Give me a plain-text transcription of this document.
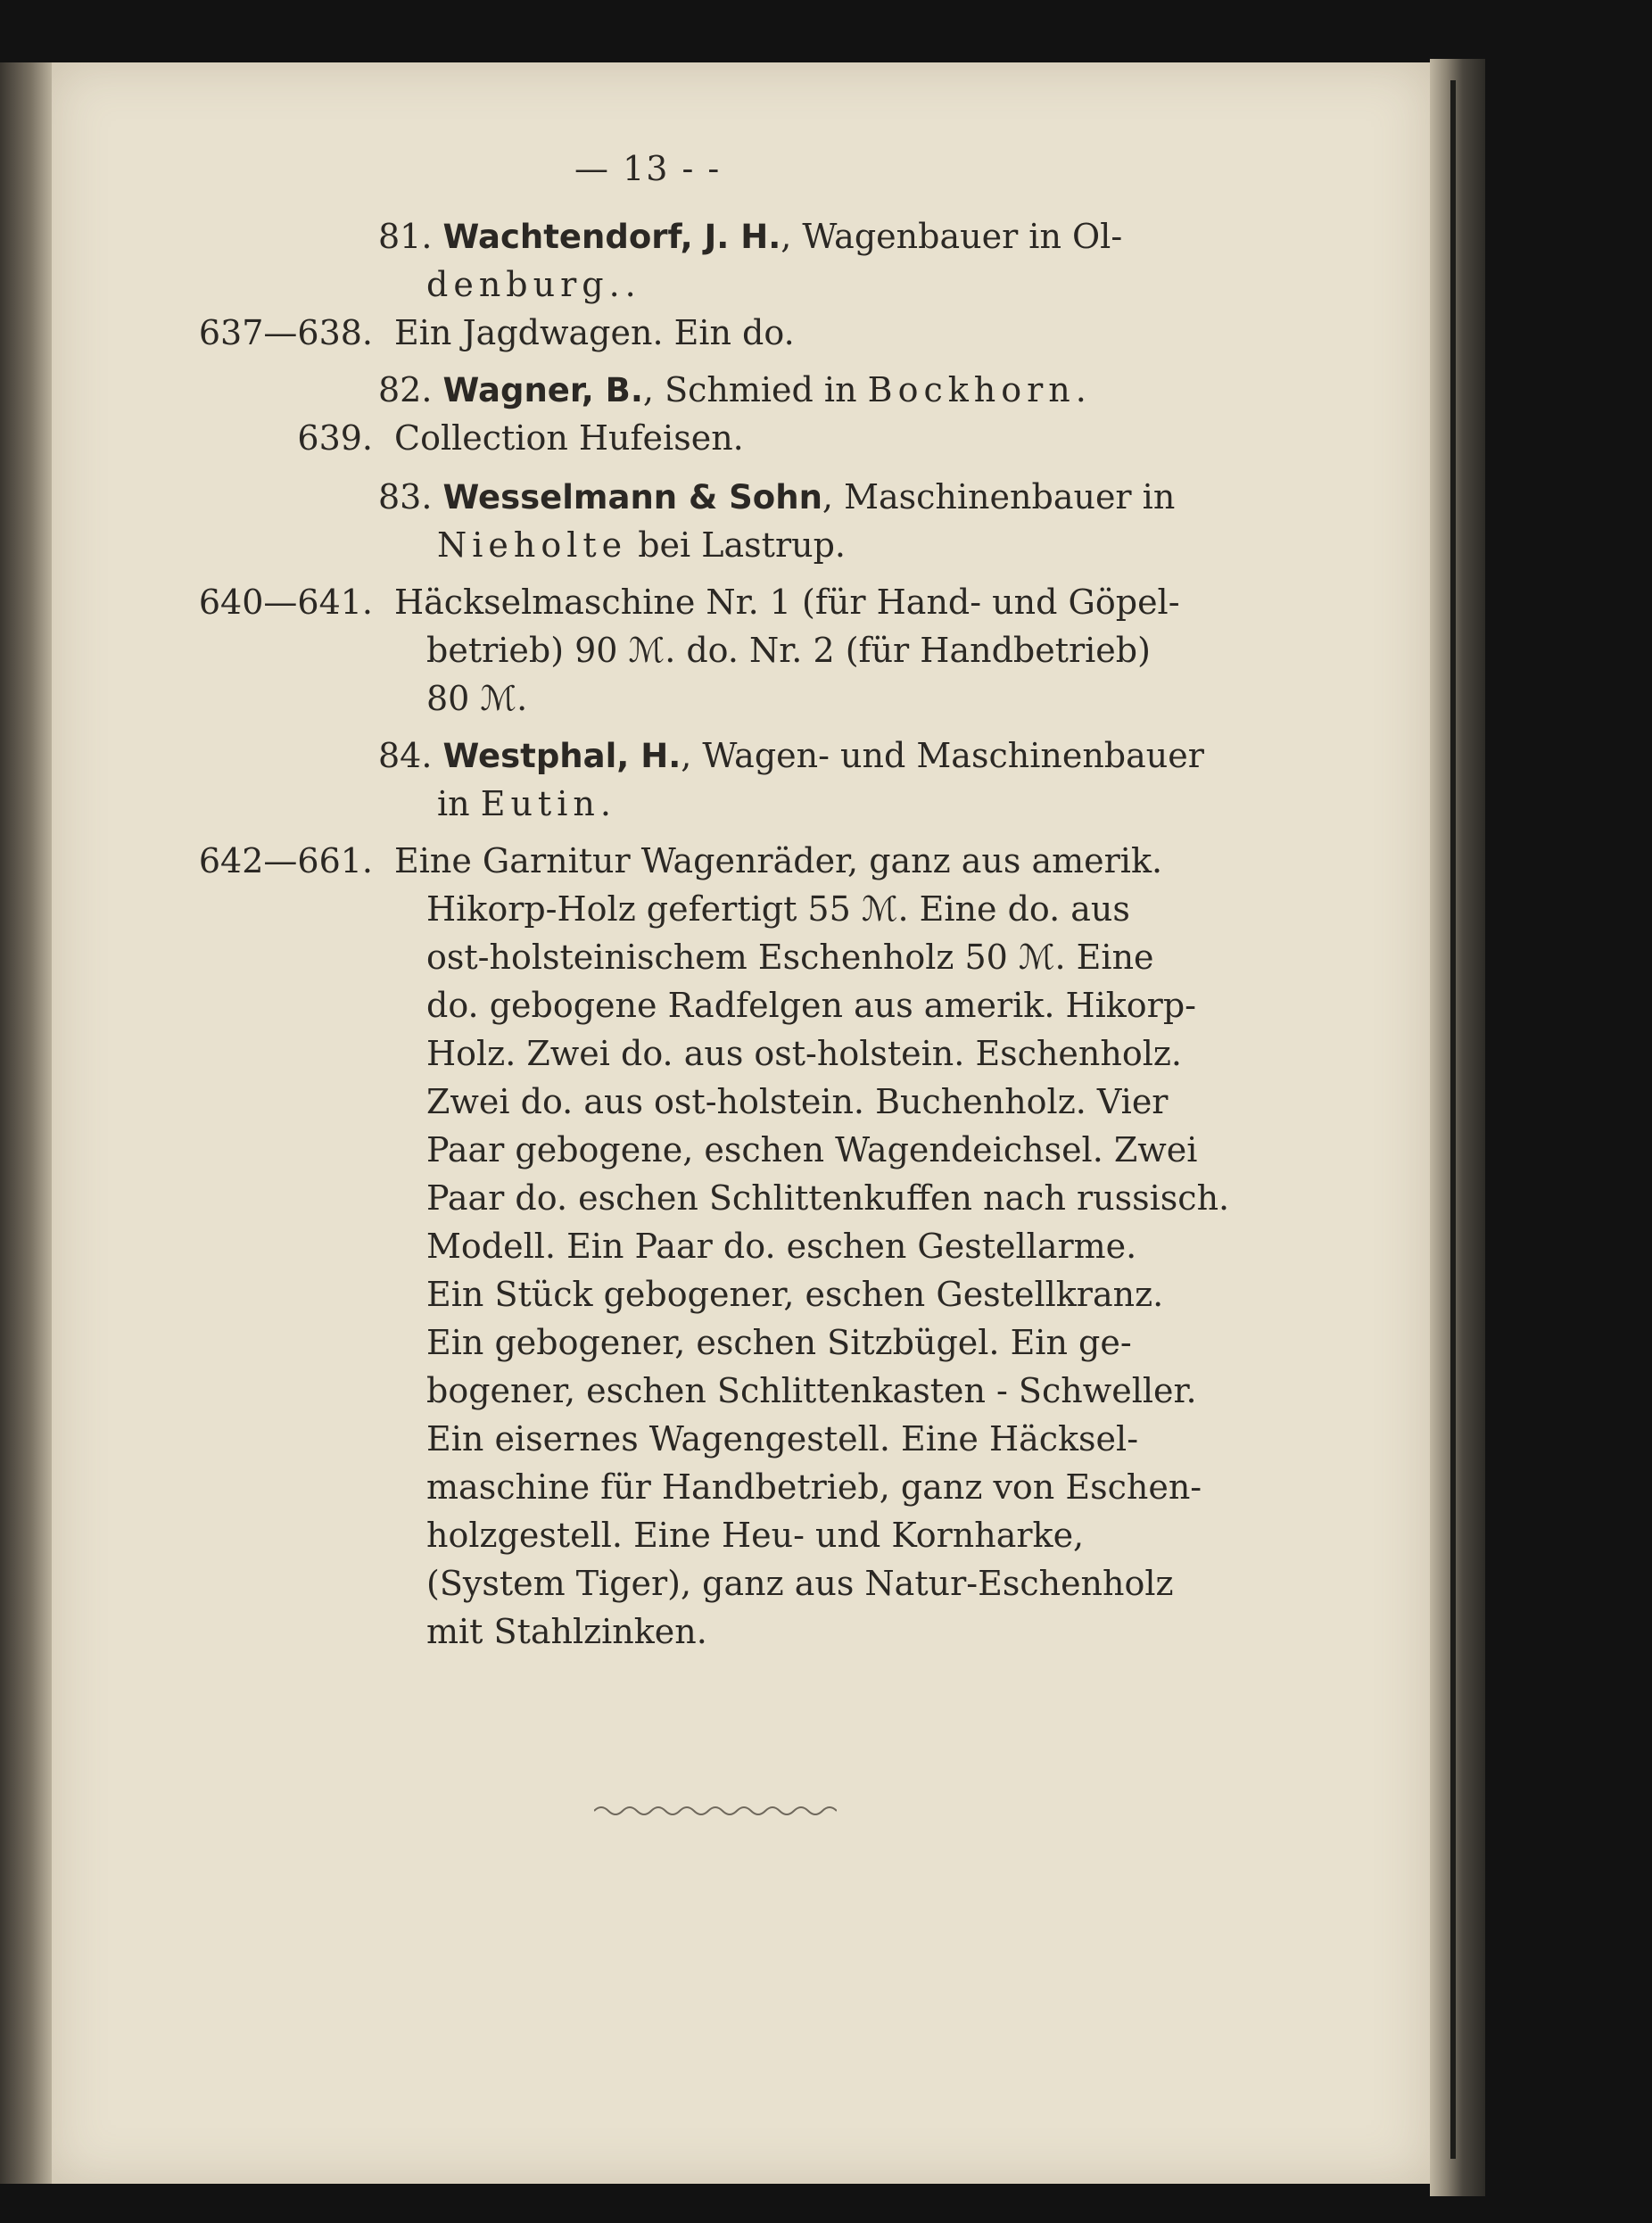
— 13 - -

81. Wachtendorf, J. H., Wagenbauer in Ol-

denburg..

637—638. Ein Jagdwagen. Ein do.

82. Wagner, B., Schmied in Bockhorn.

639. Collection Hufeisen.

83. Wesselmann & Sohn, Maschinenbauer in

Nieholte bei Lastrup.

640—641. Häckselmaschine Nr. 1 (für Hand- und Göpel-

betrieb) 90 ℳ. do. Nr. 2 (für Handbetrieb)

80 ℳ.

84. Westphal, H., Wagen- und Maschinenbauer

in Eutin.

642—661. Eine Garnitur Wagenräder, ganz aus amerik.

Hikorp-Holz gefertigt 55 ℳ. Eine do. aus

ost-holsteinischem Eschenholz 50 ℳ. Eine

do. gebogene Radfelgen aus amerik. Hikorp-

Holz. Zwei do. aus ost-holstein. Eschenholz.

Zwei do. aus ost-holstein. Buchenholz. Vier

Paar gebogene, eschen Wagendeichsel. Zwei

Paar do. eschen Schlittenkuffen nach russisch.

Modell. Ein Paar do. eschen Gestellarme.

Ein Stück gebogener, eschen Gestellkranz.

Ein gebogener, eschen Sitzbügel. Ein ge-

bogener, eschen Schlittenkasten - Schweller.

Ein eisernes Wagengestell. Eine Häcksel-

maschine für Handbetrieb, ganz von Eschen-

holzgestell. Eine Heu- und Kornharke,

(System Tiger), ganz aus Natur-Eschenholz

mit Stahlzinken.
